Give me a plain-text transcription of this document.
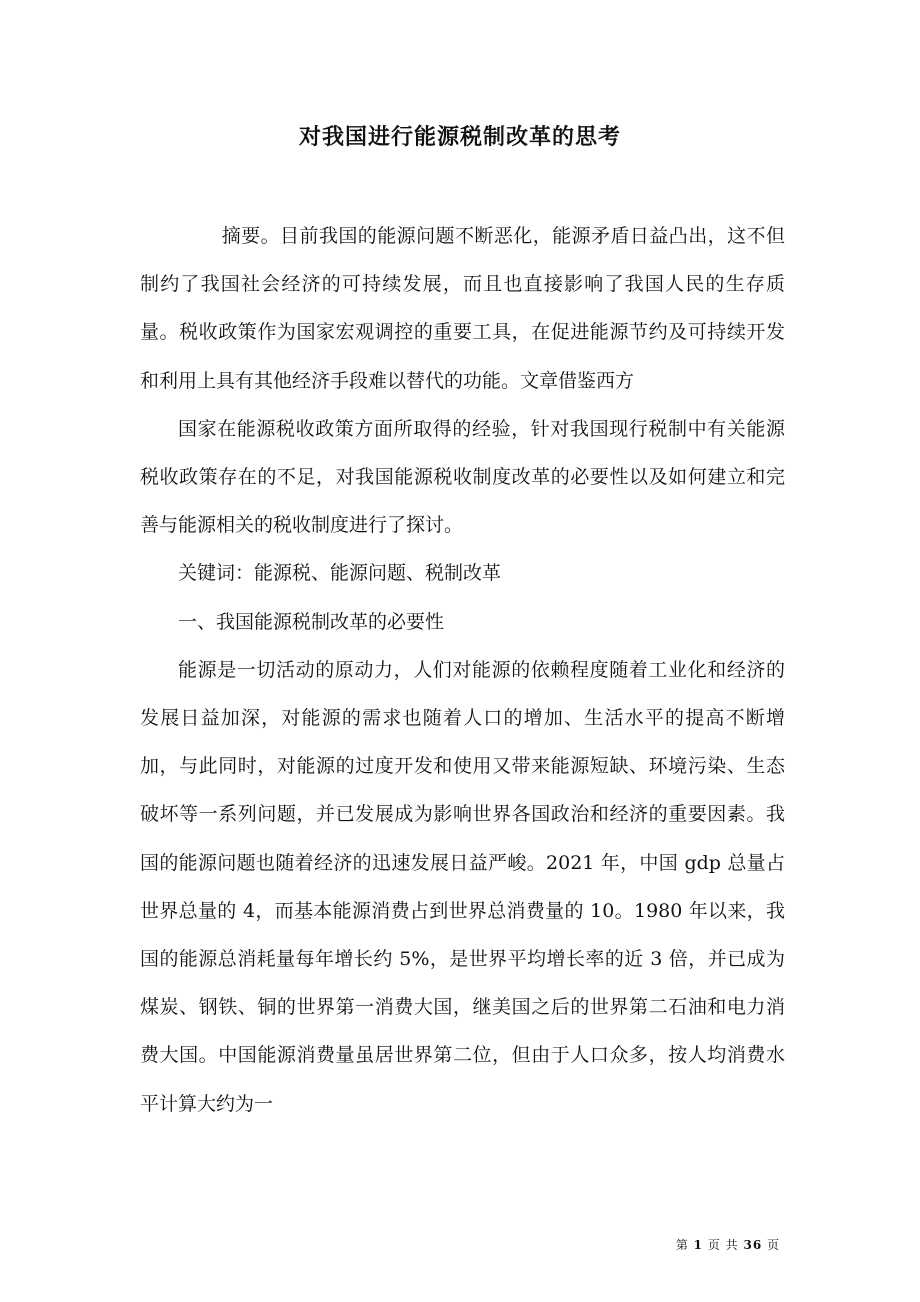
对我国进行能源税制改革的思考

摘要。目前我国的能源问题不断恶化，能源矛盾日益凸出，这不但制约了我国社会经济的可持续发展，而且也直接影响了我国人民的生存质量。税收政策作为国家宏观调控的重要工具，在促进能源节约及可持续开发和利用上具有其他经济手段难以替代的功能。文章借鉴西方

国家在能源税收政策方面所取得的经验，针对我国现行税制中有关能源税收政策存在的不足，对我国能源税收制度改革的必要性以及如何建立和完善与能源相关的税收制度进行了探讨。

关键词：能源税、能源问题、税制改革

一、我国能源税制改革的必要性

能源是一切活动的原动力，人们对能源的依赖程度随着工业化和经济的发展日益加深，对能源的需求也随着人口的增加、生活水平的提高不断增加，与此同时，对能源的过度开发和使用又带来能源短缺、环境污染、生态破坏等一系列问题，并已发展成为影响世界各国政治和经济的重要因素。我国的能源问题也随着经济的迅速发展日益严峻。2021 年，中国 gdp 总量占世界总量的 4，而基本能源消费占到世界总消费量的 10。1980 年以来，我国的能源总消耗量每年增长约 5%，是世界平均增长率的近 3 倍，并已成为煤炭、钢铁、铜的世界第一消费大国，继美国之后的世界第二石油和电力消费大国。中国能源消费量虽居世界第二位，但由于人口众多，按人均消费水平计算大约为一

第 1 页 共 36 页
